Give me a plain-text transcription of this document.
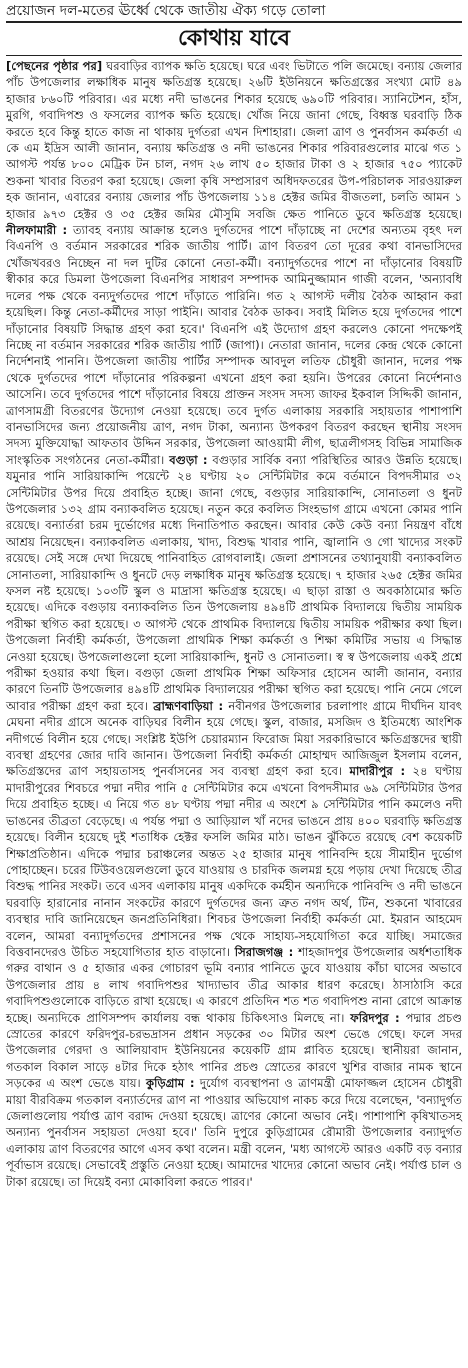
প্রয়োজন দল-মতের ঊর্ধ্বে থেকে জাতীয় ঐক্য গড়ে তোলা
কোথায় যাবে

[পেছনের পৃষ্ঠার পর] ঘরবাড়ির ব্যাপক ক্ষতি হয়েছে। ঘরে এবং ভিটাতে পলি জমেছে। বন্যায় জেলার পাঁচ উপজেলার লক্ষাধিক মানুষ ক্ষতিগ্রস্ত হয়েছে। ২৬টি ইউনিয়নে ক্ষতিগ্রস্তের সংখ্যা মোট ৪৯ হাজার ৮৬০টি পরিবার। এর মধ্যে নদী ভাঙনের শিকার হয়েছে ৬৯০টি পরিবার। স্যানিটেশন, হাঁস, মুরগি, গবাদিপশু ও ফসলের ব্যাপক ক্ষতি হয়েছে। খোঁজ নিয়ে জানা গেছে, বিধ্বস্ত ঘরবাড়ি ঠিক করতে হবে কিন্তু হাতে কাজ না থাকায় দুর্গতরা এখন দিশাহারা। জেলা ত্রাণ ও পুনর্বাসন কর্মকর্তা এ কে এম ইদ্রিস আলী জানান, বন্যায় ক্ষতিগ্রস্ত ও নদী ভাঙনের শিকার পরিবারগুলোর মাঝে গত ১ আগস্ট পর্যন্ত ৮০০ মেট্রিক টন চাল, নগদ ২৬ লাখ ৫০ হাজার টাকা ও ২ হাজার ৭৫০ প্যাকেট শুকনা খাবার বিতরণ করা হয়েছে। জেলা কৃষি সম্প্রসারণ অধিদফতরের উপ-পরিচালক সারওয়ারুল হক জানান, এবারের বন্যায় জেলার পাঁচ উপজেলায় ১১৪ হেক্টর জমির বীজতলা, চলতি আমন ১ হাজার ৯৭৩ হেক্টর ও ৩৫ হেক্টর জমির মৌসুমি সবজি ক্ষেত পানিতে ডুবে ক্ষতিগ্রস্ত হয়েছে। নীলফামারী : ত্যাবহ বন্যায় আক্রান্ত হলেও দুর্গতদের পাশে দাঁড়াচ্ছে না দেশের অন্যতম বৃহৎ দল বিএনপি ও বর্তমান সরকারের শরিক জাতীয় পার্টি। ত্রাণ বিতরণ তো দূরের কথা বানভাসিদের খোঁজখবরও নিচ্ছেন না দল দুটির কোনো নেতা-কর্মী। বন্যাদুর্গতদের পাশে না দাঁড়ানোর বিষয়টি স্বীকার করে ডিমলা উপজেলা বিএনপির সাধারণ সম্পাদক আমিনুজ্জামান গাজী বলেন, 'অন্যাবধি দলের পক্ষ থেকে বন্যদুর্গতদের পাশে দাঁড়াতে পারিনি। গত ২ আগস্ট দলীয় বৈঠক আহ্বান করা হয়েছিল। কিন্তু নেতা-কর্মীদের সাড়া পাইনি। আবার বৈঠক ডাকব। সবাই মিলিত হয়ে দুর্গতদের পাশে দাঁড়ানোর বিষয়টি সিদ্ধান্ত গ্রহণ করা হবে।' বিএনপি এই উদ্যোগ গ্রহণ করলেও কোনো পদক্ষেপই নিচ্ছে না বর্তমান সরকারের শরিক জাতীয় পার্টি (জাপা)। নেতারা জানান, দলের কেন্দ্র থেকে কোনো নির্দেশনাই পাননি। উপজেলা জাতীয় পার্টির সম্পাদক আবদুল লতিফ চৌধুরী জানান, দলের পক্ষ থেকে দুর্গতদের পাশে দাঁড়ানোর পরিকল্পনা এখনো গ্রহণ করা হয়নি। উপরের কোনো নির্দেশনাও আসেনি। তবে দুর্গতদের পাশে দাঁড়ানোর বিষয়ে প্রাক্তন সংসদ সদস্য জাফর ইকবাল সিদ্দিকী জানান, ত্রাণসামগ্রী বিতরণের উদ্যোগ নেওয়া হয়েছে। তবে দুর্গত এলাকায় সরকারি সহায়তার পাশাপাশি বানভাসিদের জন্য প্রয়োজনীয় ত্রাণ, নগদ টাকা, অন্যান্য উপকরণ বিতরণ করছেন স্থানীয় সংসদ সদস্য মুক্তিযোদ্ধা আফতাব উদ্দিন সরকার, উপজেলা আওয়ামী লীগ, ছাত্রলীগসহ বিভিন্ন সামাজিক সাংস্কৃতিক সংগঠনের নেতা-কর্মীরা। বগুড়া : বগুড়ার সার্বিক বন্যা পরিস্থিতির আরও উন্নতি হয়েছে। যমুনার পানি সারিয়াকান্দি পয়েন্টে ২৪ ঘণ্টায় ২০ সেন্টিমিটার কমে বর্তমানে বিপদসীমার ৩২ সেন্টিমিটার উপর দিয়ে প্রবাহিত হচ্ছে। জানা গেছে, বগুড়ার সারিয়াকান্দি, সোনাতলা ও ধুনট উপজেলার ১৩২ গ্রাম বন্যাকবলিত হয়েছে। নতুন করে কবলিত সিংহভাগ গ্রামে এখনো কোমর পানি রয়েছে। বন্যার্তরা চরম দুর্ভোগের মধ্যে দিনাতিপাত করছেন। আবার কেউ কেউ বন্যা নিয়ন্ত্রণ বাঁধে আশ্রয় নিয়েছেন। বন্যাকবলিত এলাকায়, খাদ্য, বিশুদ্ধ খাবার পানি, জ্বালানি ও গো খাদ্যের সংকট রয়েছে। সেই সঙ্গে দেখা দিয়েছে পানিবাহিত রোগবালাই। জেলা প্রশাসনের তথ্যানুযায়ী বন্যাকবলিত সোনাতলা, সারিয়াকান্দি ও ধুনটে দেড় লক্ষাধিক মানুষ ক্ষতিগ্রস্ত হয়েছে। ৭ হাজার ২৬৫ হেক্টর জমির ফসল নষ্ট হয়েছে। ১০৩টি স্কুল ও মাদ্রাসা ক্ষতিগ্রস্ত হয়েছে। এ ছাড়া রাস্তা ও অবকাঠামোর ক্ষতি হয়েছে। এদিকে বগুড়ায় বন্যাকবলিত তিন উপজেলায় ৪৯৪টি প্রাথমিক বিদ্যালয়ে দ্বিতীয় সাময়িক পরীক্ষা স্থগিত করা হয়েছে। ৩ আগস্ট থেকে প্রাথমিক বিদ্যালয়ে দ্বিতীয় সাময়িক পরীক্ষার কথা ছিল। উপজেলা নির্বাহী কর্মকর্তা, উপজেলা প্রাথমিক শিক্ষা কর্মকর্তা ও শিক্ষা কমিটির সভায় এ সিদ্ধান্ত নেওয়া হয়েছে। উপজেলাগুলো হলো সারিয়াকান্দি, ধুনট ও সোনাতলা। স্ব স্ব উপজেলায় একই প্রশ্নে পরীক্ষা হওয়ার কথা ছিল। বগুড়া জেলা প্রাথমিক শিক্ষা অফিসার হোসেন আলী জানান, বন্যার কারণে তিনটি উপজেলার ৪৯৪টি প্রাথমিক বিদ্যালয়ের পরীক্ষা স্থগিত করা হয়েছে। পানি নেমে গেলে আবার পরীক্ষা গ্রহণ করা হবে। ব্রাহ্মণবাড়িয়া : নবীনগর উপজেলার চরলাপাং গ্রামে দীর্ঘদিন যাবৎ মেঘনা নদীর গ্রাসে অনেক বাড়িঘর বিলীন হয়ে গেছে। স্কুল, বাজার, মসজিদ ও ইতিমধ্যে আংশিক নদীগর্ভে বিলীন হয়ে গেছে। সংশ্লিষ্ট ইউপি চেয়ারম্যান ফিরোজ মিয়া সরকারিভাবে ক্ষতিগ্রস্তদের স্থায়ী ব্যবস্থা গ্রহণের জোর দাবি জানান। উপজেলা নির্বাহী কর্মকর্তা মোহাম্মদ আজিজুল ইসলাম বলেন, ক্ষতিগ্রস্তদের ত্রাণ সহায়তাসহ পুনর্বাসনের সব ব্যবস্থা গ্রহণ করা হবে। মাদারীপুর : ২৪ ঘণ্টায় মাদারীপুরের শিবচরে পদ্মা নদীর পানি ৫ সেন্টিমিটার কমে এখনো বিপদসীমার ৬৯ সেন্টিমিটার উপর দিয়ে প্রবাহিত হচ্ছে। এ নিয়ে গত ৪৮ ঘণ্টায় পদ্মা নদীর এ অংশে ৯ সেন্টিমিটার পানি কমলেও নদী ভাঙনের তীব্রতা বেড়েছে। এ পর্যন্ত পদ্মা ও আড়িয়াল খাঁ নদের ভাঙনে প্রায় ৪০০ ঘরবাড়ি ক্ষতিগ্রস্ত হয়েছে। বিলীন হয়েছে দুই শতাধিক হেক্টর ফসলি জমির মাঠ। ভাঙন ঝুঁকিতে রয়েছে বেশ কয়েকটি শিক্ষাপ্রতিষ্ঠান। এদিকে পদ্মার চরাঞ্চলের অন্তত ২৫ হাজার মানুষ পানিবন্দি হয়ে সীমাহীন দুর্ভোগ পোহাচ্ছেন। চরের টিউবওয়েলগুলো ডুবে যাওয়ায় ও চারদিক জলমগ্ন হয়ে পড়ায় দেখা দিয়েছে তীব্র বিশুদ্ধ পানির সংকট। তবে এসব এলাকায় মানুষ একদিকে কর্মহীন অন্যদিকে পানিবন্দি ও নদী ভাঙনে ঘরবাড়ি হারানোর নানান সংকটের কারণে দুর্গতদের জন্য ত্রুত নগদ অর্থ, টিন, শুকনো খাবারের ব্যবস্থার দাবি জানিয়েছেন জনপ্রতিনিধিরা। শিবচর উপজেলা নির্বাহী কর্মকর্তা মো. ইমরান আহমেদ বলেন, আমরা বন্যাদুর্গতদের প্রশাসনের পক্ষ থেকে সাহায্য-সহযোগিতা করে যাচ্ছি। সমাজের বিত্তবানদেরও উচিত সহযোগিতার হাত বাড়ানো। সিরাজগঞ্জ : শাহজাদপুর উপজেলার অর্ধশতাধিক গরুর বাথান ও ৫ হাজার একর গোচারণ ভূমি বন্যার পানিতে ডুবে যাওয়ায় কাঁচা ঘাসের অভাবে উপজেলার প্রায় ৪ লাখ গবাদিপশুর খাদ্যাভাব তীব্র আকার ধারণ করেছে। ঠাসাঠাসি করে গবাদিপশুগুলোকে বাড়িতে রাখা হয়েছে। এ কারণে প্রতিদিন শত শত গবাদিপশু নানা রোগে আক্রান্ত হচ্ছে। অন্যদিকে প্রাণিসম্পদ কার্যালয় বন্ধ থাকায় চিকিৎসাও মিলছে না। ফরিদপুর : পদ্মার প্রচণ্ড স্রোতের কারণে ফরিদপুর-চরভদ্রাসন প্রধান সড়কের ৩০ মিটার অংশ ভেঙে গেছে। ফলে সদর উপজেলার গেরদা ও আলিয়াবাদ ইউনিয়নের কয়েকটি গ্রাম প্লাবিত হয়েছে। স্থানীয়রা জানান, গতকাল বিকাল সাড়ে ৪টার দিকে হঠাৎ পানির প্রচণ্ড স্রোতের কারণে খুশির বাজার নামক স্থানে সড়কের এ অংশ ভেঙে যায়। কুড়িগ্রাম : দুর্যোগ ব্যবস্থাপনা ও ত্রাণমন্ত্রী মোফাজ্জল হোসেন চৌধুরী মায়া বীরবিক্রম গতকাল বন্যার্তদের ত্রাণ না পাওয়ার অভিযোগ নাকচ করে দিয়ে বলেছেন, 'বন্যাদুর্গত জেলাগুলোয় পর্যাপ্ত ত্রাণ বরাদ্দ দেওয়া হয়েছে। ত্রাণের কোনো অভাব নেই। পাশাপাশি কৃষিখাতসহ অন্যান্য পুনর্বাসন সহায়তা দেওয়া হবে।' তিনি দুপুরে কুড়িগ্রামের রৌমারী উপজেলার বন্যাদুর্গত এলাকায় ত্রাণ বিতরণের আগে এসব কথা বলেন। মন্ত্রী বলেন, 'মধ্য আগস্টে আরও একটি বড় বন্যার পূর্বাভাস রয়েছে। সেভাবেই প্রস্তুতি নেওয়া হচ্ছে। আমাদের খাদ্যের কোনো অভাব নেই। পর্যাপ্ত চাল ও টাকা রয়েছে। তা দিয়েই বন্যা মোকাবিলা করতে পারব।'
